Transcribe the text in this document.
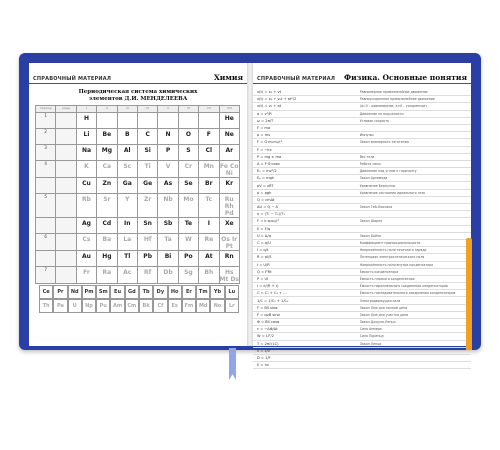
СПРАВОЧНЫЙ МАТЕРИАЛ	Химия
Периодическая система химических
элементов Д.И. МЕНДЕЛЕЕВА
период	ряды	I	II	III	IV	V	VI	VII	VIII
1		H							He

2		Li	Be	B	C	N	O	F	Ne

3		Na	Mg	Al	Si	P	S	Cl	Ar

4		K	Ca	Sc	Ti	V	Cr	Mn	Fe Co Ni

		Cu	Zn	Ga	Ge	As	Se	Br	Kr

5		Rb	Sr	Y	Zr	Nb	Mo	Tc	Ru Rh Pd

		Ag	Cd	In	Sn	Sb	Te	I	Xe

6		Cs	Ba	La	Hf	Ta	W	Re	Os Ir Pt

		Au	Hg	Tl	Pb	Bi	Po	At	Rn

7		Fr	Ra	Ac	Rf	Db	Sg	Bh	Hs Mt Ds
Ce	Pr	Nd	Pm	Sm	Eu	Gd	Tb	Dy	Ho	Er	Tm	Yb	Lu
Th	Pa	U	Np	Pu	Am	Cm	Bk	Cf	Es	Fm	Md	No	Lr
СПРАВОЧНЫЙ МАТЕРИАЛ Физика. Основные понятия
x(t) = x₀ + vt	Равномерное прямолинейное движение
x(t) = x₀ + v₀t + at²/2	Равноускоренное прямолинейное движение
v(t) = v₀ + at	(а=0 – равномерное, а>0 – ускоренное)
a = v²/R	Движение по окружности
ω = 2π/T	Угловая скорость
F = ma
p = mv	Импульс
F = G·m₁m₂/r²	Закон всемирного тяготения
F = −kx
P = mg ± ma	Вес тела
A = F·S·cosα	Работа силы
Eₖ = mv²/2	Движение под углом к горизонту
Eₚ = mgh	Закон Архимеда
pV = νRT	Уравнение Бернулли
p = ρgh	Уравнение состояния идеального газа
Q = cmΔt
ΔU = Q − A	Закон Гей-Люссака
η = (T₁ − T₂)/T₁
F = k·q₁q₂/r²	Закон Шарля
E = F/q
U = A/q	Закон Бойля
C = q/U	Коэффициент пропорциональности
I = q/t	Напряжённость поля точечного заряда
R = ρl/S	Потенциал электростатического поля
I = U/R	Напряжённость поля внутри конденсатора
Q = I²Rt	Ёмкость конденсатора
P = UI	Ёмкость плоского конденсатора
I = ε/(R + r)	Ёмкость параллельного соединения конденсаторов
C = C₁ + C₂ + …	Ёмкость последовательного соединения конденсаторов
1/C = 1/C₁ + 1/C₂	Электродвижущая сила
F = BIl sinα	Закон Ома для полной цепи
F = qvB sinα	Закон Ома для участка цепи
Φ = BS cosα	Закон Джоуля-Ленца
ε = −ΔΦ/Δt	Сила Ампера
W = LI²/2	Сила Лоренца
T = 2π√(LC)	Закон Ленца
n = c/v
D = 1/F
E = hν
